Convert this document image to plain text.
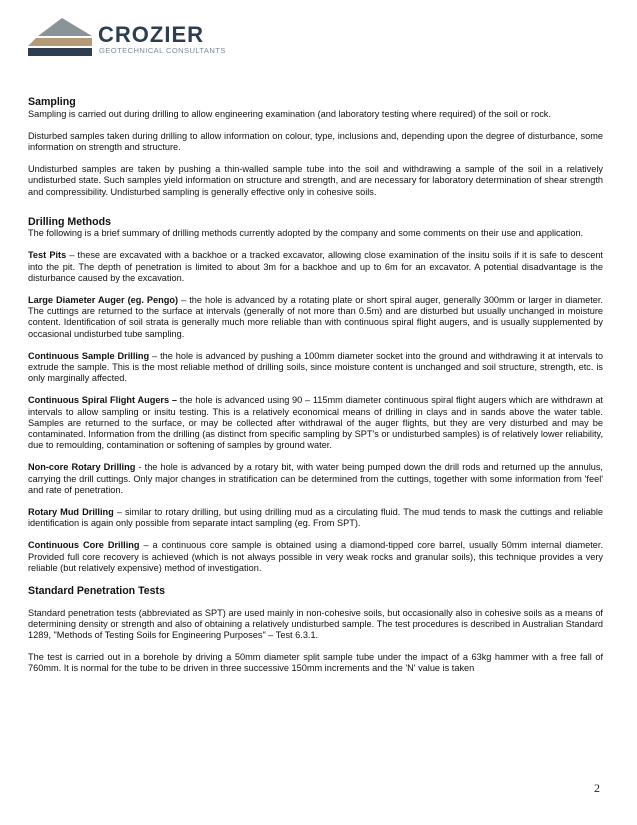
CROZIER
GEOTECHNICAL CONSULTANTS
Sampling

Sampling is carried out during drilling to allow engineering examination (and laboratory testing where required) of the soil or rock.

Disturbed samples taken during drilling to allow information on colour, type, inclusions and, depending upon the degree of disturbance, some information on strength and structure.

Undisturbed samples are taken by pushing a thin-walled sample tube into the soil and withdrawing a sample of the soil in a relatively undisturbed state. Such samples yield information on structure and strength, and are necessary for laboratory determination of shear strength and compressibility. Undisturbed sampling is generally effective only in cohesive soils.

Drilling Methods

The following is a brief summary of drilling methods currently adopted by the company and some comments on their use and application.

Test Pits – these are excavated with a backhoe or a tracked excavator, allowing close examination of the insitu soils if it is safe to descent into the pit. The depth of penetration is limited to about 3m for a backhoe and up to 6m for an excavator. A potential disadvantage is the disturbance caused by the excavation.

Large Diameter Auger (eg. Pengo) – the hole is advanced by a rotating plate or short spiral auger, generally 300mm or larger in diameter. The cuttings are returned to the surface at intervals (generally of not more than 0.5m) and are disturbed but usually unchanged in moisture content. Identification of soil strata is generally much more reliable than with continuous spiral flight augers, and is usually supplemented by occasional undisturbed tube sampling.

Continuous Sample Drilling – the hole is advanced by pushing a 100mm diameter socket into the ground and withdrawing it at intervals to extrude the sample. This is the most reliable method of drilling soils, since moisture content is unchanged and soil structure, strength, etc. is only marginally affected.

Continuous Spiral Flight Augers – the hole is advanced using 90 – 115mm diameter continuous spiral flight augers which are withdrawn at intervals to allow sampling or insitu testing. This is a relatively economical means of drilling in clays and in sands above the water table. Samples are returned to the surface, or may be collected after withdrawal of the auger flights, but they are very disturbed and may be contaminated. Information from the drilling (as distinct from specific sampling by SPT's or undisturbed samples) is of relatively lower reliability, due to remoulding, contamination or softening of samples by ground water.

Non-core Rotary Drilling - the hole is advanced by a rotary bit, with water being pumped down the drill rods and returned up the annulus, carrying the drill cuttings. Only major changes in stratification can be determined from the cuttings, together with some information from 'feel' and rate of penetration.

Rotary Mud Drilling – similar to rotary drilling, but using drilling mud as a circulating fluid. The mud tends to mask the cuttings and reliable identification is again only possible from separate intact sampling (eg. From SPT).

Continuous Core Drilling – a continuous core sample is obtained using a diamond-tipped core barrel, usually 50mm internal diameter. Provided full core recovery is achieved (which is not always possible in very weak rocks and granular soils), this technique provides a very reliable (but relatively expensive) method of investigation.

Standard Penetration Tests

Standard penetration tests (abbreviated as SPT) are used mainly in non-cohesive soils, but occasionally also in cohesive soils as a means of determining density or strength and also of obtaining a relatively undisturbed sample. The test procedures is described in Australian Standard 1289, "Methods of Testing Soils for Engineering Purposes" – Test 6.3.1.

The test is carried out in a borehole by driving a 50mm diameter split sample tube under the impact of a 63kg hammer with a free fall of 760mm. It is normal for the tube to be driven in three successive 150mm increments and the 'N' value is taken

2
